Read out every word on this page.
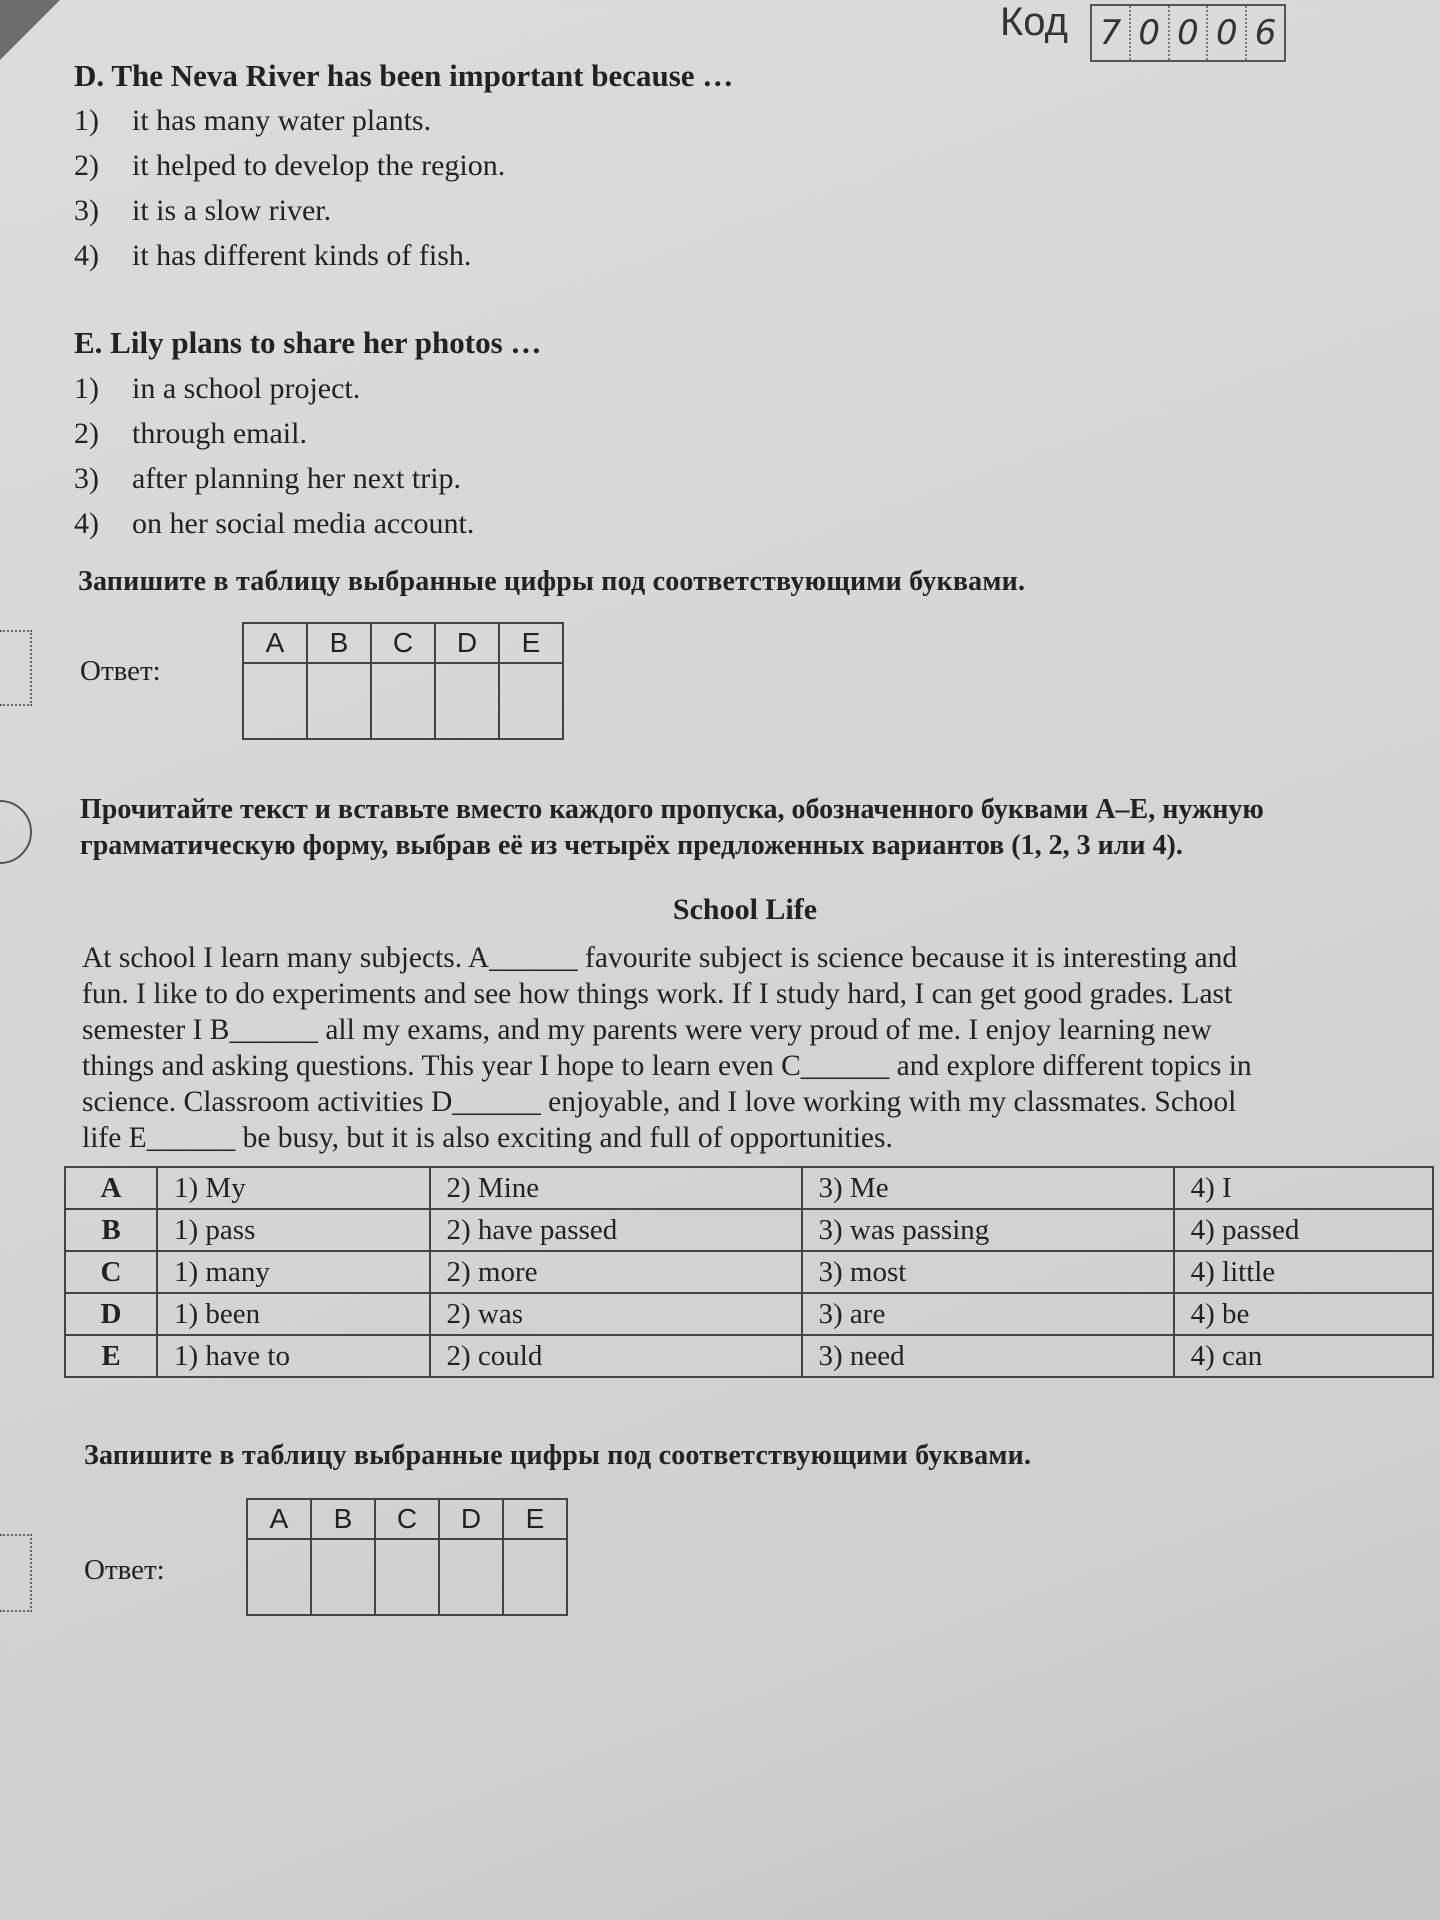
Код 7 0 0 0 6
D. The Neva River has been important because …
1)	it has many water plants.
2)	it helped to develop the region.
3)	it is a slow river.
4)	it has different kinds of fish.
E. Lily plans to share her photos …
1)	in a school project.
2)	through email.
3)	after planning her next trip.
4)	on her social media account.
Запишите в таблицу выбранные цифры под соответствующими буквами.
Ответ:
A	B	C	D	E

Прочитайте текст и вставьте вместо каждого пропуска, обозначенного буквами A–E, нужную
грамматическую форму, выбрав её из четырёх предложенных вариантов (1, 2, 3 или 4).
School Life
At school I learn many subjects. A______ favourite subject is science because it is interesting and
fun. I like to do experiments and see how things work. If I study hard, I can get good grades. Last
semester I B______ all my exams, and my parents were very proud of me. I enjoy learning new
things and asking questions. This year I hope to learn even C______ and explore different topics in
science. Classroom activities D______ enjoyable, and I love working with my classmates. School
life E______ be busy, but it is also exciting and full of opportunities.
A	1) My	2) Mine	3) Me	4) I
B	1) pass	2) have passed	3) was passing	4) passed
C	1) many	2) more	3) most	4) little
D	1) been	2) was	3) are	4) be
E	1) have to	2) could	3) need	4) can
Запишите в таблицу выбранные цифры под соответствующими буквами.
Ответ:
A	B	C	D	E
